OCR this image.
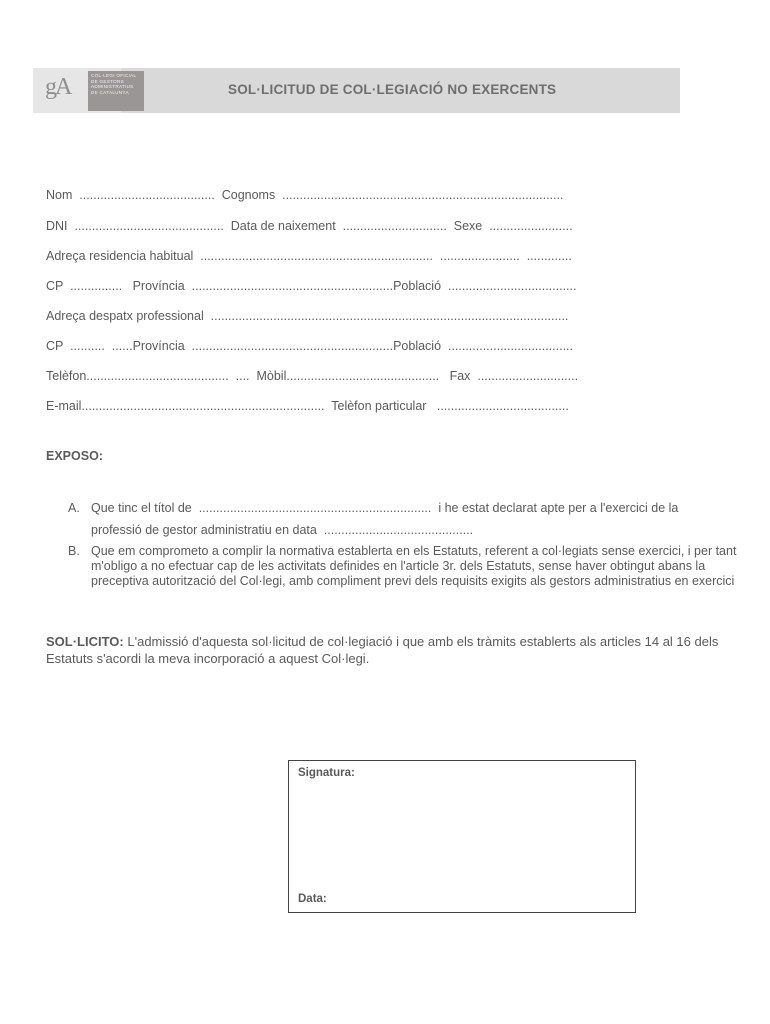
gA	COL·LEGI OFICIAL
DE GESTORS
ADMINISTRATIUS
DE CATALUNYA	SOL·LICITUD DE COL·LEGIACIÓ NO EXERCENTS
Nom  .......................................  Cognoms  .................................................................................
DNI  ...........................................  Data de naixement  ..............................  Sexe  ........................
Adreça residencia habitual  ...................................................................  .......................  .............
CP  ...............   Província  ..........................................................Població  .....................................
Adreça despatx professional  .......................................................................................................
CP  ..........  ......Província  ..........................................................Població  ....................................
Telèfon.........................................  ....  Mòbil............................................   Fax  .............................
E-mail......................................................................  Telèfon particular   ......................................
EXPOSO:
A. Que tinc el títol de  ...................................................................  i he estat declarat apte per a l'exercici de la
professió de gestor administratiu en data  ...........................................
B. Que em comprometo a complir la normativa establerta en els Estatuts, referent a col·legiats sense exercici, i per tant m'obligo a no efectuar cap de les activitats definides en l'article 3r. dels Estatuts, sense haver obtingut abans la preceptiva autorització del Col·legi, amb compliment previ dels requisits exigits als gestors administratius en exercici
SOL·LICITO: L'admissió d'aquesta sol·licitud de col·legiació i que amb els tràmits establerts als articles 14 al 16 dels Estatuts s'acordi la meva incorporació a aquest Col·legi.
Signatura:
Data:
